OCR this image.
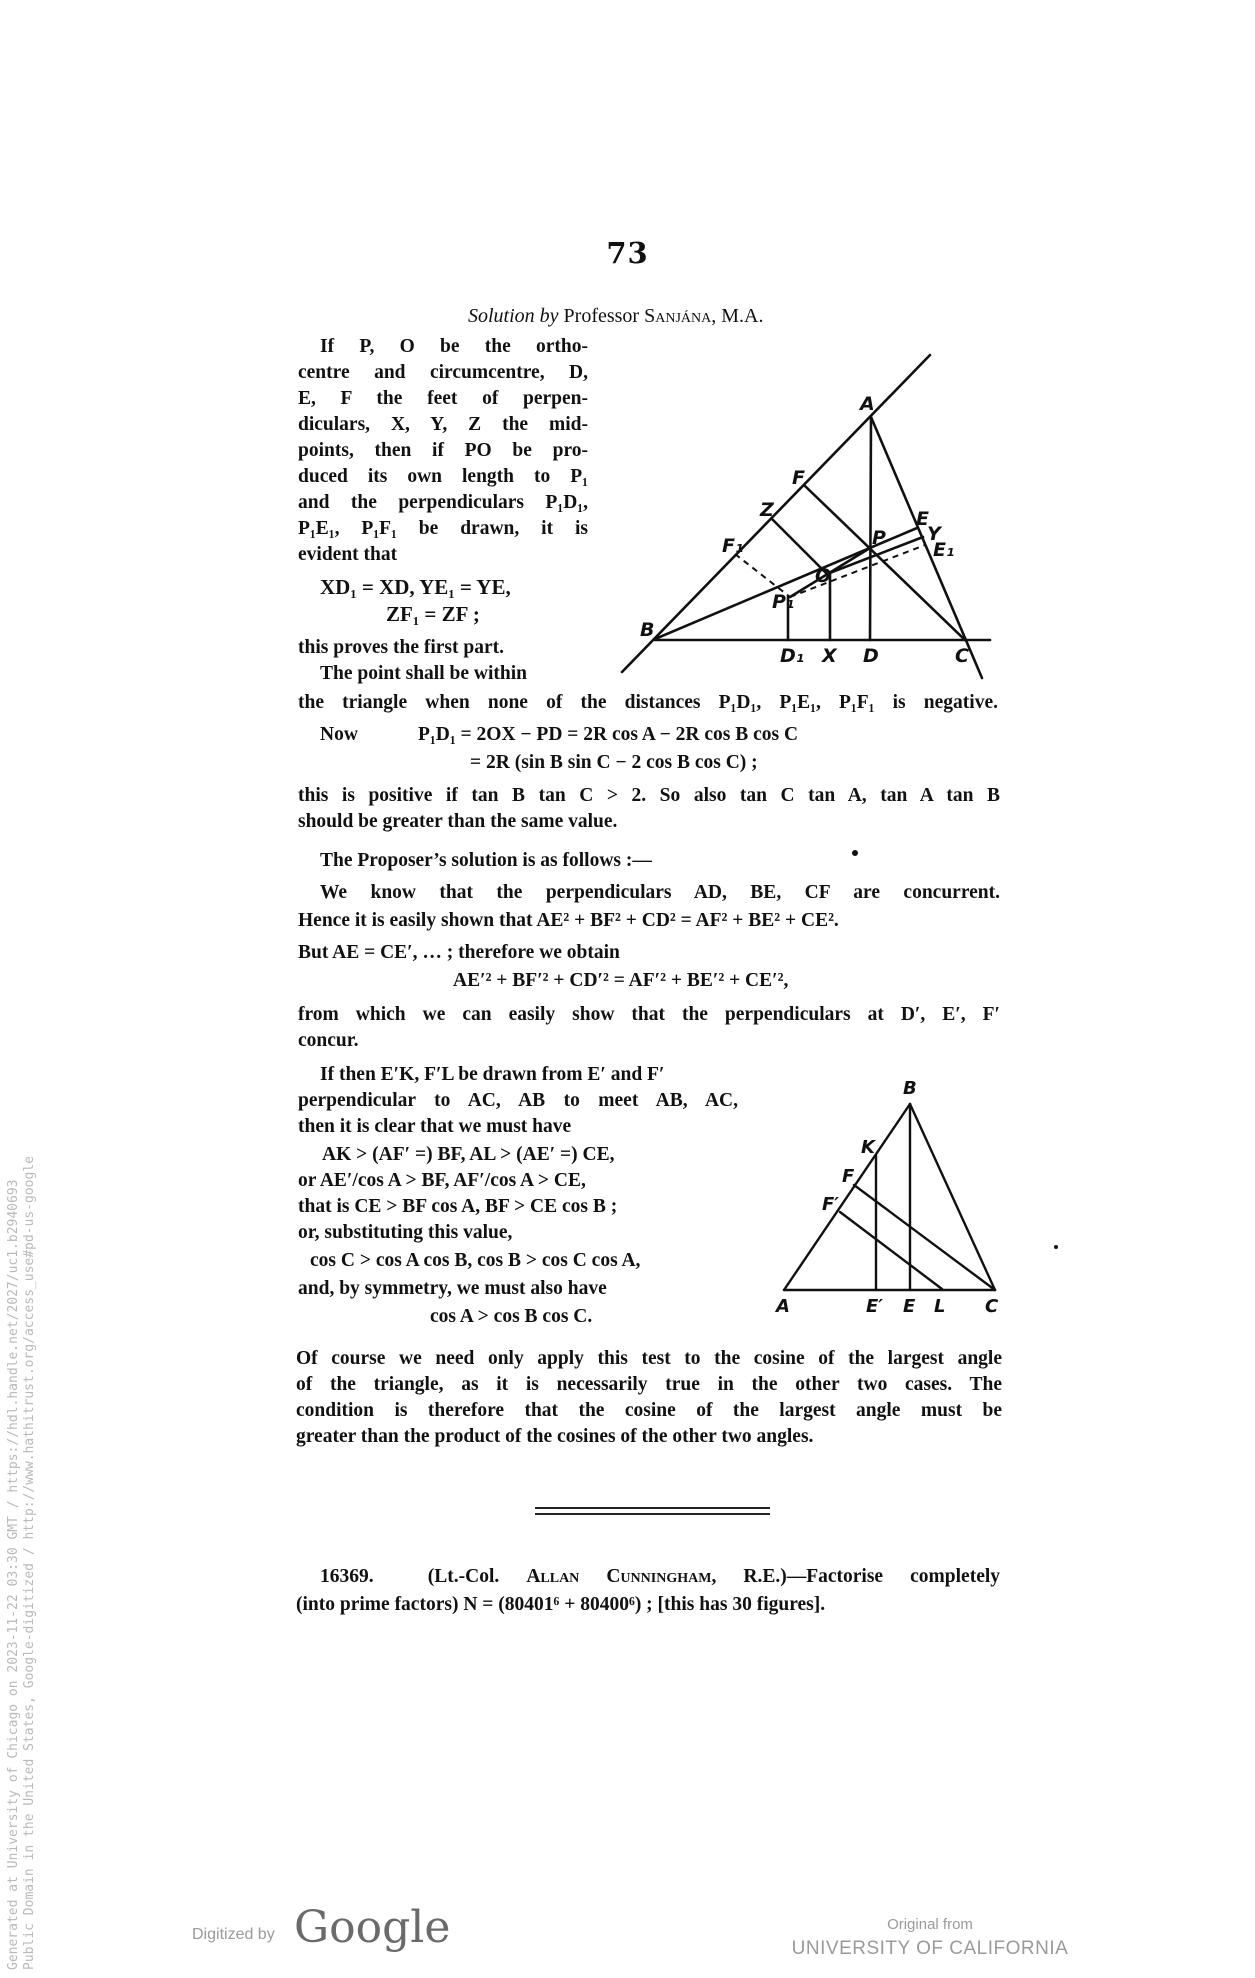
73
Solution by Professor Sanjána, M.A.
If P, O be the ortho-
centre and circumcentre, D,
E, F the feet of perpen-
diculars, X, Y, Z the mid-
points, then if PO be pro-
duced its own length to P₁
and the perpendiculars P₁D₁,
P₁E₁, P₁F₁ be drawn, it is
evident that
XD₁ = XD, YE₁ = YE,
ZF₁ = ZF ;
this proves the first part.
The point shall be within
the triangle when none of the distances P₁D₁, P₁E₁, P₁F₁ is negative.
Now	P₁D₁ = 2OX − PD = 2R cos A − 2R cos B cos C
= 2R (sin B sin C − 2 cos B cos C) ;
this is positive if tan B tan C > 2. So also tan C tan A, tan A tan B
should be greater than the same value.
The Proposer’s solution is as follows :—
We know that the perpendiculars AD, BE, CF are concurrent.
Hence it is easily shown that AE² + BF² + CD² = AF² + BE² + CE².
But AE = CE′, … ; therefore we obtain
AE′² + BF′² + CD′² = AF′² + BE′² + CE′²,
from which we can easily show that the perpendiculars at D′, E′, F′
concur.
If then E′K, F′L be drawn from E′ and F′
perpendicular to AC, AB to meet AB, AC,
then it is clear that we must have
AK > (AF′ =) BF, AL > (AE′ =) CE,
or AE′/cos A > BF, AF′/cos A > CE,
that is CE > BF cos A, BF > CE cos B ;
or, substituting this value,
cos C > cos A cos B, cos B > cos C cos A,
and, by symmetry, we must also have
cos A > cos B cos C.
Of course we need only apply this test to the cosine of the largest angle
of the triangle, as it is necessarily true in the other two cases. The
condition is therefore that the cosine of the largest angle must be
greater than the product of the cosines of the other two angles.
16369.	(Lt.-Col. Allan Cunningham, R.E.)—Factorise completely
(into prime factors) N = (80401⁶ + 80400⁶) ; [this has 30 figures].
A
B
C
D
X
D₁
P
O
P₁
E
Y
E₁
F
Z
F₁
B
K
F
F′
A	E′ E L C
Generated at University of Chicago on 2023-11-22 03:30 GMT / https://hdl.handle.net/2027/uc1.b2940693 Public Domain in the United States, Google-digitized / http://www.hathitrust.org/access_use#pd-us-google	Digitized by Google	Original from
UNIVERSITY OF CALIFORNIA
